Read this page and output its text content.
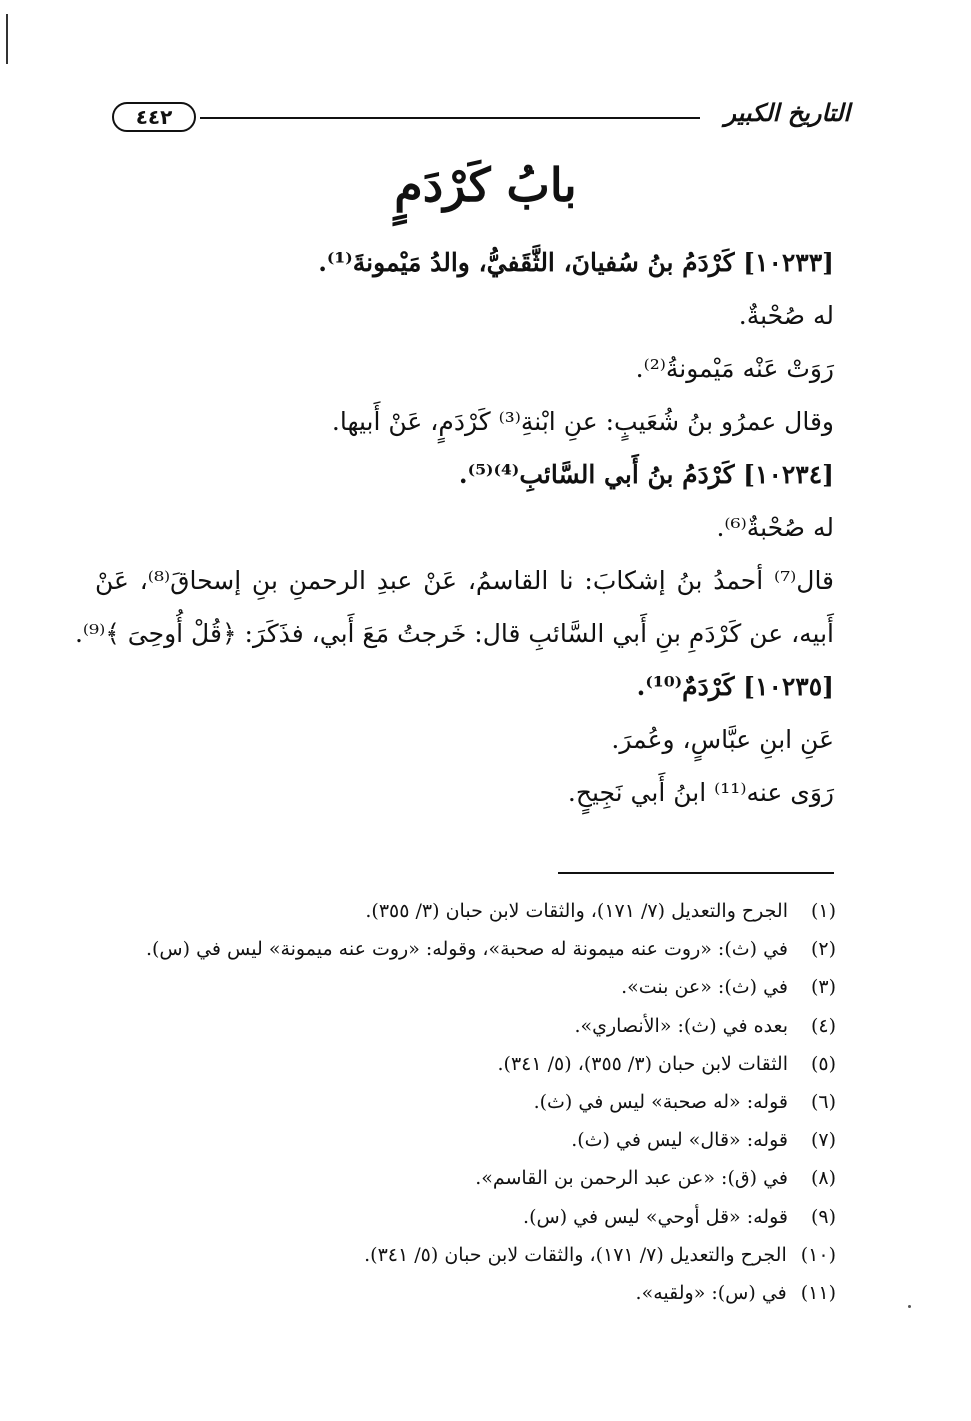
٤٤٢	التاريخ الكبير
بابُ كَرْدَمٍ
[١٠٢٣٣] كَرْدَمُ بنُ سُفيانَ، الثَّقَفيُّ، والدُ مَيْمونةَ⁽¹⁾.
له صُحْبةٌ.
رَوَتْ عَنْه مَيْمونةُ⁽²⁾.
وقال عمرُو بنُ شُعَيبٍ: عنِ ابْنةِ⁽³⁾ كَرْدَمٍ، عَنْ أَبيها.
[١٠٢٣٤] كَرْدَمُ بنُ أَبي السَّائبِ⁽⁴⁾⁽⁵⁾.
له صُحْبةٌ⁽⁶⁾.
قال⁽⁷⁾ أحمدُ بنُ إشكابَ: نا القاسمُ، عَنْ عبدِ الرحمنِ بنِ إسحاقَ⁽⁸⁾، عَنْ
أَبيه، عن كَرْدَمِ بنِ أَبي السَّائبِ قال: خَرجتُ مَعَ أَبي، فذَكَرَ: ﴿قُلْ أُوحِىَ ﴾⁽⁹⁾.
[١٠٢٣٥] كَرْدَمٌ⁽¹⁰⁾.
عَنِ ابنِ عبَّاسٍ، وعُمرَ.
رَوَى عنه⁽¹¹⁾ ابنُ أَبي نَجِيحٍ.
(١)الجرح والتعديل (٧/ ١٧١)، والثقات لابن حبان (٣/ ٣٥٥).
(٢)في (ث): «روت عنه ميمونة له صحبة»، وقوله: «روت عنه ميمونة» ليس في (س).
(٣)في (ث): «عن بنت».
(٤)بعده في (ث): «الأنصاري».
(٥)الثقات لابن حبان (٣/ ٣٥٥)، (٥/ ٣٤١).
(٦)قوله: «له صحبة» ليس في (ث).
(٧)قوله: «قال» ليس في (ث).
(٨)في (ق): «عن عبد الرحمن بن القاسم».
(٩)قوله: «قل أوحي» ليس في (س).
(١٠)الجرح والتعديل (٧/ ١٧١)، والثقات لابن حبان (٥/ ٣٤١).
(١١)في (س): «ولقيه».
